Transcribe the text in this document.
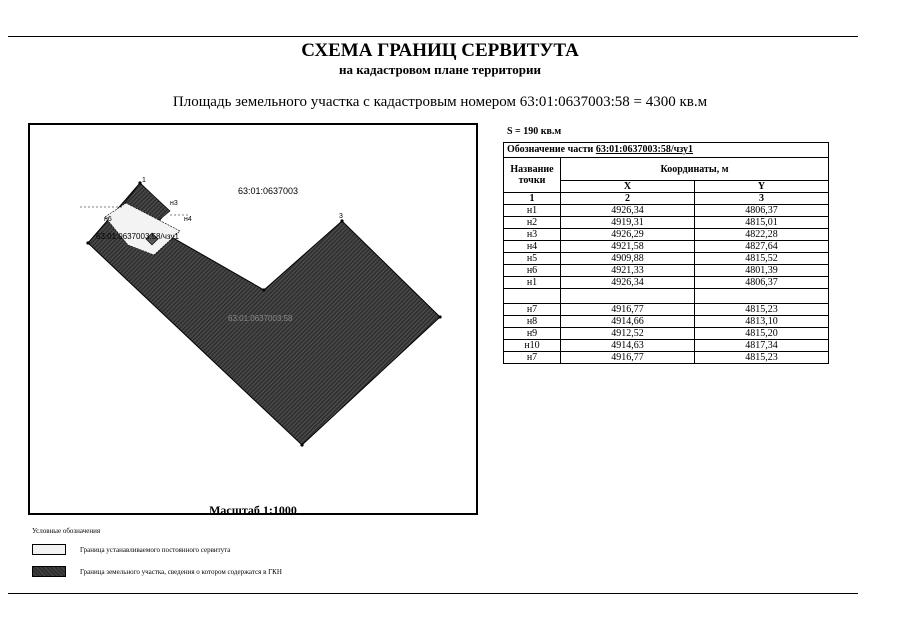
СХЕМА ГРАНИЦ СЕРВИТУТА
на кадастровом плане территории
Площадь земельного участка с кадастровым номером 63:01:0637003:58 = 4300 кв.м
63:01:0637003
63:01:0637003:58/чзу1
63:01:0637003:58
1
3
н3
н4
н6
Масштаб 1:1000
S = 190 кв.м
Обозначение части 63:01:0637003:58/чзу1		
Название точки	Координаты, м	
	X	Y
1	2	3
н1	4926,34	4806,37
н2	4919,31	4815,01
н3	4926,29	4822,28
н4	4921,58	4827,64
н5	4909,88	4815,52
н6	4921,33	4801,39
н1	4926,34	4806,37

н7	4916,77	4815,23
н8	4914,66	4813,10
н9	4912,52	4815,20
н10	4914,63	4817,34
н7	4916,77	4815,23
Условные обозначения
Граница устанавливаемого постоянного сервитута
Граница земельного участка, сведения о котором содержатся в ГКН
